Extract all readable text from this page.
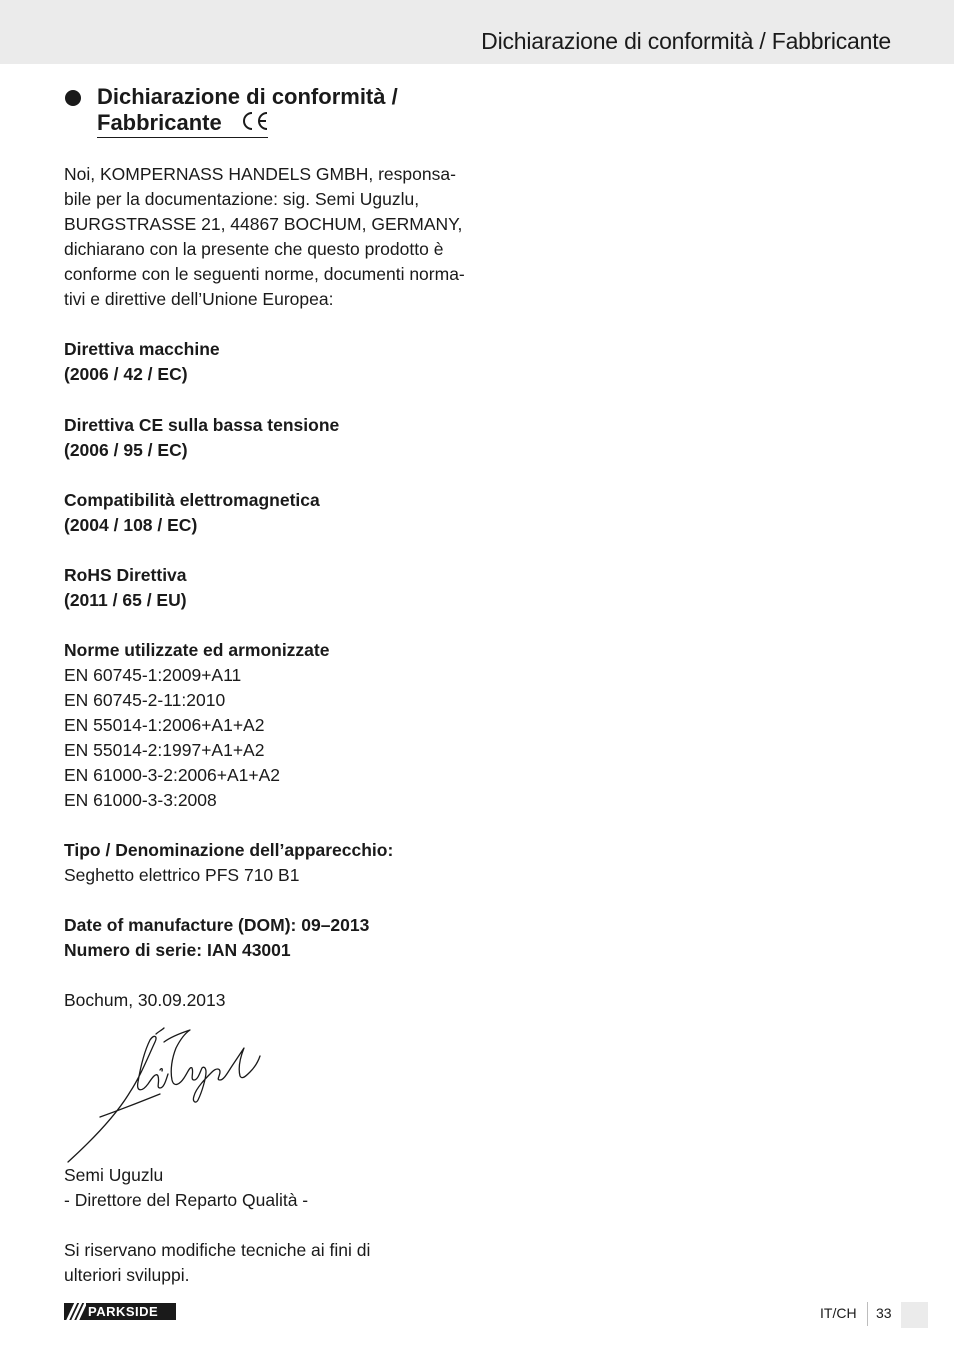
Dichiarazione di conformità / Fabbricante
Dichiarazione di conformità /
Fabbricante
Noi, KOMPERNASS HANDELS GMBH, responsa-
bile per la documentazione: sig. Semi Uguzlu,
BURGSTRASSE 21, 44867 BOCHUM, GERMANY,
dichiarano con la presente che questo prodotto è
conforme con le seguenti norme, documenti norma-
tivi e direttive dell’Unione Europea:
Direttiva macchine
(2006 / 42 / EC)
Direttiva CE sulla bassa tensione
(2006 / 95 / EC)
Compatibilità elettromagnetica
(2004 / 108 / EC)
RoHS Direttiva
(2011 / 65 / EU)
Norme utilizzate ed armonizzate
EN 60745-1:2009+A11
EN 60745-2-11:2010
EN 55014-1:2006+A1+A2
EN 55014-2:1997+A1+A2
EN 61000-3-2:2006+A1+A2
EN 61000-3-3:2008
Tipo / Denominazione dell’apparecchio:
Seghetto elettrico PFS 710 B1
Date of manufacture (DOM): 09–2013
Numero di serie: IAN 43001
Bochum, 30.09.2013
Semi Uguzlu
- Direttore del Reparto Qualità -
Si riservano modifiche tecniche ai fini di
ulteriori sviluppi.
PARKSIDE	IT/CH 33
